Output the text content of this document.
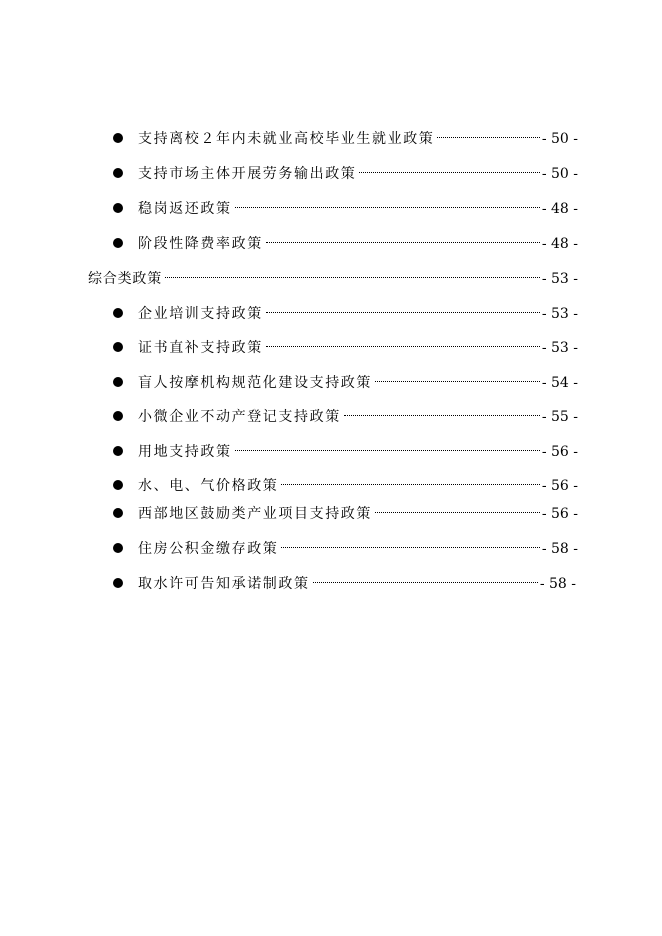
支持离校２年内未就业高校毕业生就业政策	- 50 -
支持市场主体开展劳务输出政策	- 50 -
稳岗返还政策	- 48 -
阶段性降费率政策	- 48 -
综合类政策	- 53 -
企业培训支持政策	- 53 -
证书直补支持政策	- 53 -
盲人按摩机构规范化建设支持政策	- 54 -
小微企业不动产登记支持政策	- 55 -
用地支持政策	- 56 -
水、电、气价格政策	- 56 -
西部地区鼓励类产业项目支持政策	- 56 -
住房公积金缴存政策	- 58 -
取水许可告知承诺制政策	- 58 -
